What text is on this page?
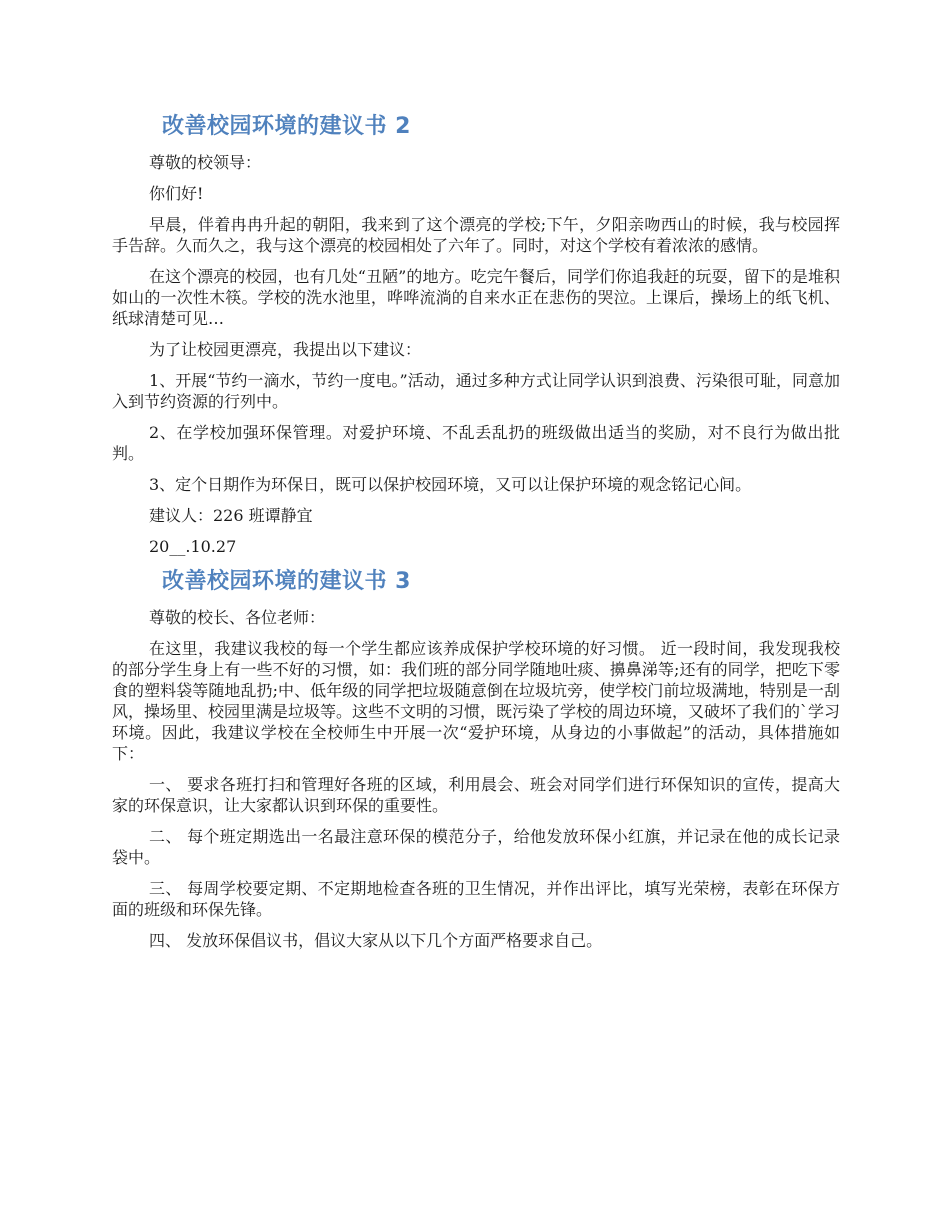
改善校园环境的建议书 2

尊敬的校领导：

你们好!

早晨，伴着冉冉升起的朝阳，我来到了这个漂亮的学校;下午，夕阳亲吻西山的时候，我与校园挥手告辞。久而久之，我与这个漂亮的校园相处了六年了。同时，对这个学校有着浓浓的感情。

在这个漂亮的校园，也有几处“丑陋”的地方。吃完午餐后，同学们你追我赶的玩耍，留下的是堆积如山的一次性木筷。学校的洗水池里，哗哗流淌的自来水正在悲伤的哭泣。上课后，操场上的纸飞机、纸球清楚可见…

为了让校园更漂亮，我提出以下建议：

1、开展“节约一滴水，节约一度电。”活动，通过多种方式让同学认识到浪费、污染很可耻，同意加入到节约资源的行列中。

2、在学校加强环保管理。对爱护环境、不乱丢乱扔的班级做出适当的奖励，对不良行为做出批判。

3、定个日期作为环保日，既可以保护校园环境，又可以让保护环境的观念铭记心间。

建议人：226 班谭静宜

20__.10.27

改善校园环境的建议书 3

尊敬的校长、各位老师：

在这里，我建议我校的每一个学生都应该养成保护学校环境的好习惯。 近一段时间，我发现我校的部分学生身上有一些不好的习惯，如：我们班的部分同学随地吐痰、擤鼻涕等;还有的同学，把吃下零食的塑料袋等随地乱扔;中、低年级的同学把垃圾随意倒在垃圾坑旁，使学校门前垃圾满地，特别是一刮风，操场里、校园里满是垃圾等。这些不文明的习惯，既污染了学校的周边环境，又破坏了我们的`学习环境。因此，我建议学校在全校师生中开展一次“爱护环境，从身边的小事做起”的活动，具体措施如下：

一、 要求各班打扫和管理好各班的区域，利用晨会、班会对同学们进行环保知识的宣传，提高大家的环保意识，让大家都认识到环保的重要性。

二、 每个班定期选出一名最注意环保的模范分子，给他发放环保小红旗，并记录在他的成长记录袋中。

三、 每周学校要定期、不定期地检查各班的卫生情况，并作出评比，填写光荣榜，表彰在环保方面的班级和环保先锋。

四、 发放环保倡议书，倡议大家从以下几个方面严格要求自己。
